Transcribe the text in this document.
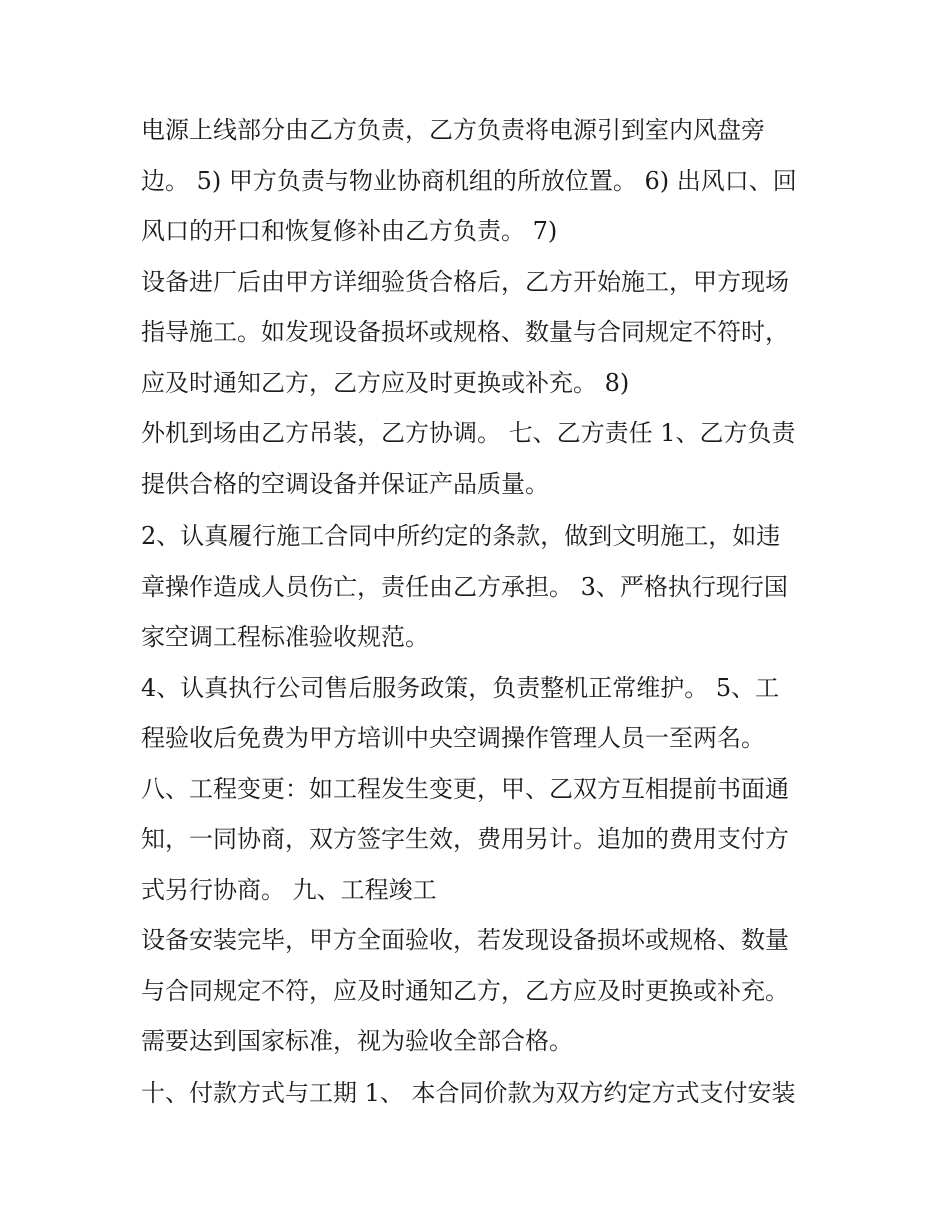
电源上线部分由乙方负责，乙方负责将电源引到室内风盘旁
边。 5) 甲方负责与物业协商机组的所放位置。 6) 出风口、回
风口的开口和恢复修补由乙方负责。 7)
设备进厂后由甲方详细验货合格后，乙方开始施工，甲方现场
指导施工。如发现设备损坏或规格、数量与合同规定不符时，
应及时通知乙方，乙方应及时更换或补充。 8)
外机到场由乙方吊装，乙方协调。 七、乙方责任 1、乙方负责
提供合格的空调设备并保证产品质量。
2、认真履行施工合同中所约定的条款，做到文明施工，如违
章操作造成人员伤亡，责任由乙方承担。 3、严格执行现行国
家空调工程标准验收规范。
4、认真执行公司售后服务政策，负责整机正常维护。 5、工
程验收后免费为甲方培训中央空调操作管理人员一至两名。
八、工程变更：如工程发生变更，甲、乙双方互相提前书面通
知，一同协商，双方签字生效，费用另计。追加的费用支付方
式另行协商。 九、工程竣工
设备安装完毕，甲方全面验收，若发现设备损坏或规格、数量
与合同规定不符，应及时通知乙方，乙方应及时更换或补充。
需要达到国家标准，视为验收全部合格。
十、付款方式与工期 1、 本合同价款为双方约定方式支付安装
